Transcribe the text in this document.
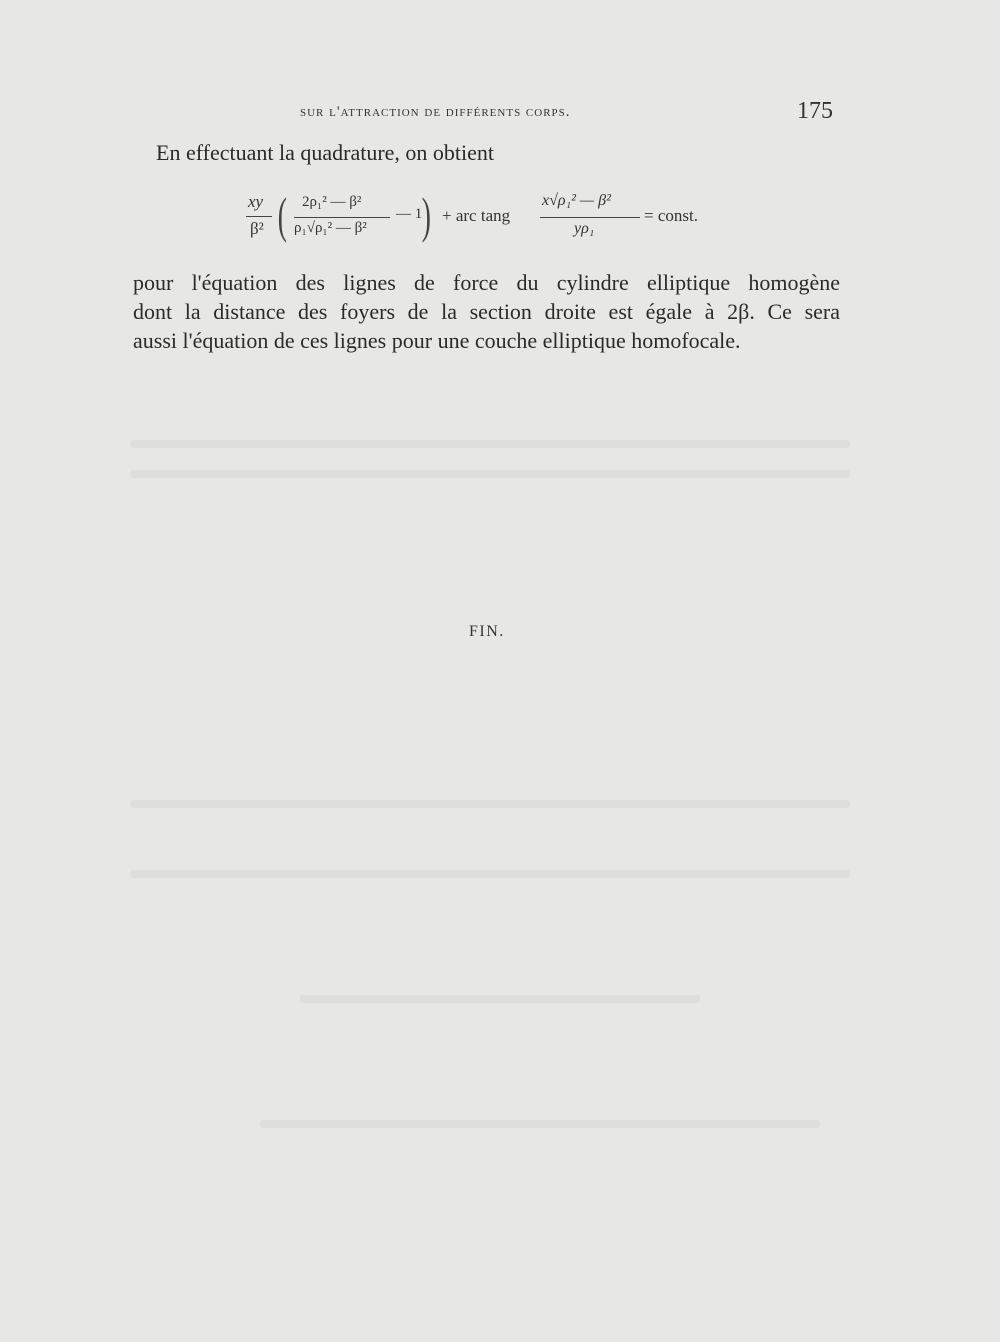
sur l'attraction de différents corps.	175
En effectuant la quadrature, on obtient
xy
β² ( 2ρ₁² — β²
ρ₁√ρ₁² — β²
— 1 ) + arc tang
x√ρ₁² — β²
yρ₁
= const.
pour l'équation des lignes de force du cylindre elliptique homogène
dont la distance des foyers de la section droite est égale à 2β. Ce sera
aussi l'équation de ces lignes pour une couche elliptique homofocale.
FIN.
